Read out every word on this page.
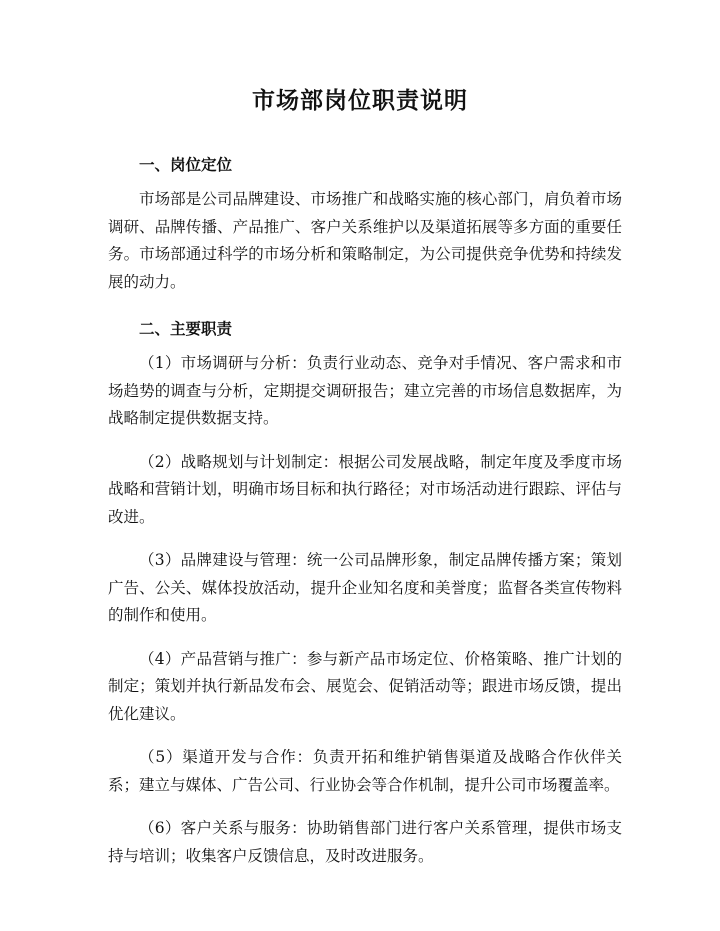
市场部岗位职责说明
一、岗位定位

市场部是公司品牌建设、市场推广和战略实施的核心部门，肩负着市场调研、品牌传播、产品推广、客户关系维护以及渠道拓展等多方面的重要任务。市场部通过科学的市场分析和策略制定，为公司提供竞争优势和持续发展的动力。

二、主要职责

（1）市场调研与分析：负责行业动态、竞争对手情况、客户需求和市场趋势的调查与分析，定期提交调研报告；建立完善的市场信息数据库，为战略制定提供数据支持。

（2）战略规划与计划制定：根据公司发展战略，制定年度及季度市场战略和营销计划，明确市场目标和执行路径；对市场活动进行跟踪、评估与改进。

（3）品牌建设与管理：统一公司品牌形象，制定品牌传播方案；策划广告、公关、媒体投放活动，提升企业知名度和美誉度；监督各类宣传物料的制作和使用。

（4）产品营销与推广：参与新产品市场定位、价格策略、推广计划的制定；策划并执行新品发布会、展览会、促销活动等；跟进市场反馈，提出优化建议。

（5）渠道开发与合作：负责开拓和维护销售渠道及战略合作伙伴关系；建立与媒体、广告公司、行业协会等合作机制，提升公司市场覆盖率。

（6）客户关系与服务：协助销售部门进行客户关系管理，提供市场支持与培训；收集客户反馈信息，及时改进服务。
